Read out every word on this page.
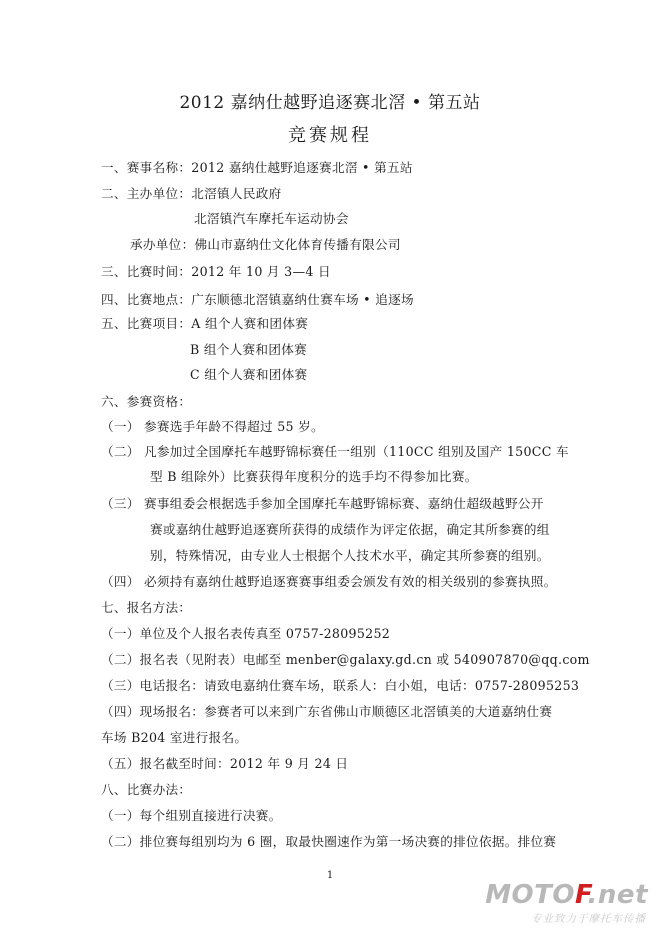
2012 嘉纳仕越野追逐赛北滘 • 第五站
竞赛规程
一、赛事名称：2012 嘉纳仕越野追逐赛北滘 • 第五站
二、主办单位：北滘镇人民政府
北滘镇汽车摩托车运动协会
承办单位：佛山市嘉纳仕文化体育传播有限公司
三、比赛时间：2012 年 10 月 3—4 日
四、比赛地点：广东顺德北滘镇嘉纳仕赛车场 • 追逐场
五、比赛项目：A 组个人赛和团体赛
B 组个人赛和团体赛
C 组个人赛和团体赛
六、参赛资格：
（一） 参赛选手年龄不得超过 55 岁。
（二） 凡参加过全国摩托车越野锦标赛任一组别（110CC 组别及国产 150CC 车
型 B 组除外）比赛获得年度积分的选手均不得参加比赛。
（三） 赛事组委会根据选手参加全国摩托车越野锦标赛、嘉纳仕超级越野公开
赛或嘉纳仕越野追逐赛所获得的成绩作为评定依据，确定其所参赛的组
别，特殊情况，由专业人士根据个人技术水平，确定其所参赛的组别。
（四） 必须持有嘉纳仕越野追逐赛赛事组委会颁发有效的相关级别的参赛执照。
七、报名方法：
（一）单位及个人报名表传真至 0757-28095252
（二）报名表（见附表）电邮至 menber@galaxy.gd.cn 或 540907870@qq.com
（三）电话报名：请致电嘉纳仕赛车场，联系人：白小姐，电话：0757-28095253
（四）现场报名：参赛者可以来到广东省佛山市顺德区北滘镇美的大道嘉纳仕赛
车场 B204 室进行报名。
（五）报名截至时间：2012 年 9 月 24 日
八、比赛办法：
（一）每个组别直接进行决赛。
（二）排位赛每组别均为 6 圈，取最快圈速作为第一场决赛的排位依据。排位赛
1
MOTOF.net
专业致力于摩托车传播
